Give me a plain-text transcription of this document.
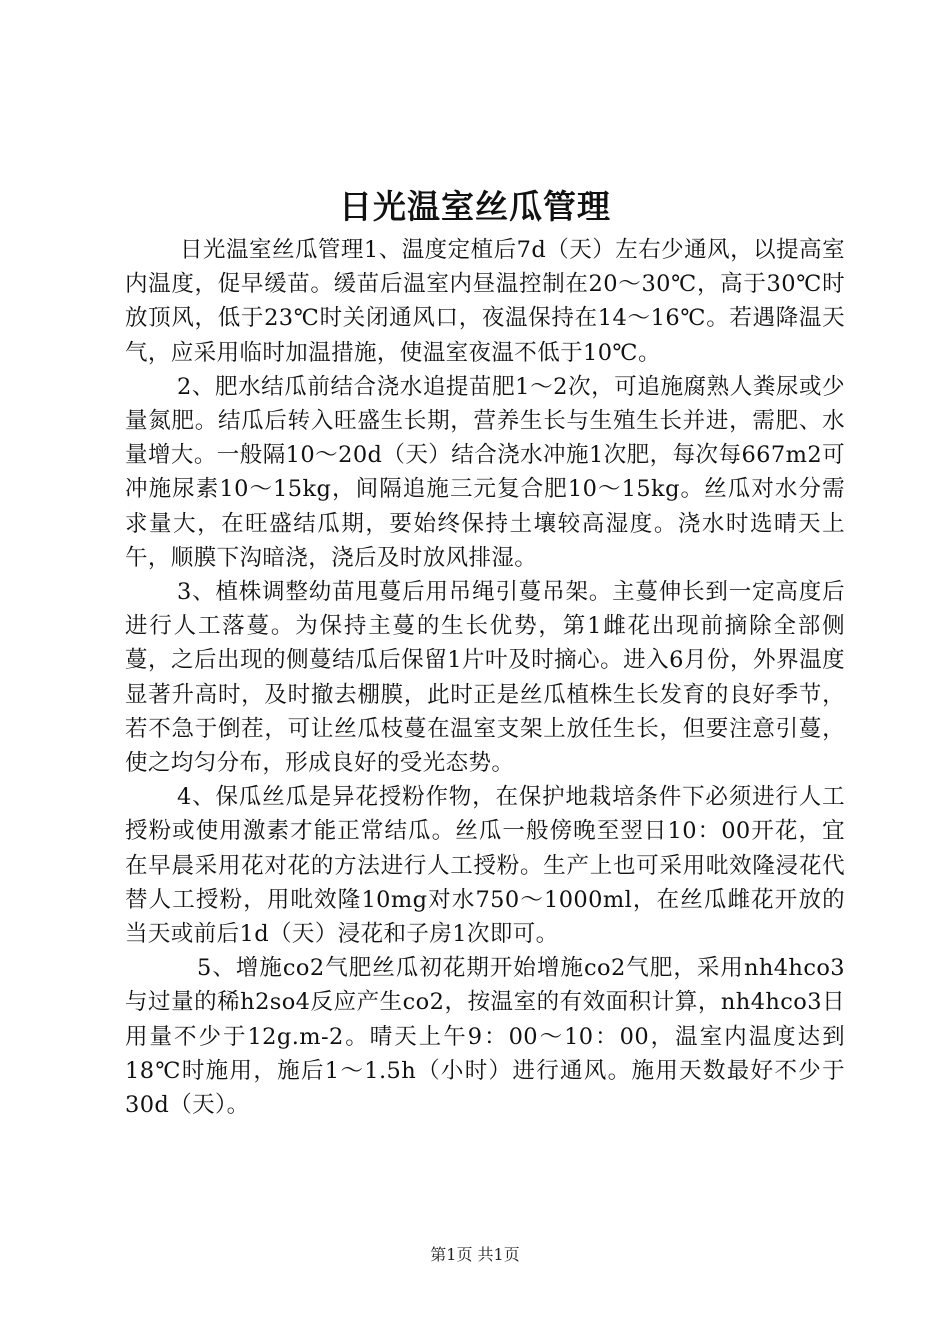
日光温室丝瓜管理

日光温室丝瓜管理1、温度定植后7d（天）左右少通风，以提高室内温度，促早缓苗。缓苗后温室内昼温控制在20～30℃，高于30℃时放顶风，低于23℃时关闭通风口，夜温保持在14～16℃。若遇降温天气，应采用临时加温措施，使温室夜温不低于10℃。

2、肥水结瓜前结合浇水追提苗肥1～2次，可追施腐熟人粪尿或少量氮肥。结瓜后转入旺盛生长期，营养生长与生殖生长并进，需肥、水量增大。一般隔10～20d（天）结合浇水冲施1次肥，每次每667m2可冲施尿素10～15kg，间隔追施三元复合肥10～15kg。丝瓜对水分需求量大，在旺盛结瓜期，要始终保持土壤较高湿度。浇水时选晴天上午，顺膜下沟暗浇，浇后及时放风排湿。

3、植株调整幼苗甩蔓后用吊绳引蔓吊架。主蔓伸长到一定高度后进行人工落蔓。为保持主蔓的生长优势，第1雌花出现前摘除全部侧蔓，之后出现的侧蔓结瓜后保留1片叶及时摘心。进入6月份，外界温度显著升高时，及时撤去棚膜，此时正是丝瓜植株生长发育的良好季节，若不急于倒茬，可让丝瓜枝蔓在温室支架上放任生长，但要注意引蔓，使之均匀分布，形成良好的受光态势。

4、保瓜丝瓜是异花授粉作物，在保护地栽培条件下必须进行人工授粉或使用激素才能正常结瓜。丝瓜一般傍晚至翌日10：00开花，宜在早晨采用花对花的方法进行人工授粉。生产上也可采用吡效隆浸花代替人工授粉，用吡效隆10mg对水750～1000ml，在丝瓜雌花开放的当天或前后1d（天）浸花和子房1次即可。

5、增施co2气肥丝瓜初花期开始增施co2气肥，采用nh4hco3与过量的稀h2so4反应产生co2，按温室的有效面积计算，nh4hco3日用量不少于12g.m-2。晴天上午9：00～10：00，温室内温度达到18℃时施用，施后1～1.5h（小时）进行通风。施用天数最好不少于30d（天）。

第1页 共1页
